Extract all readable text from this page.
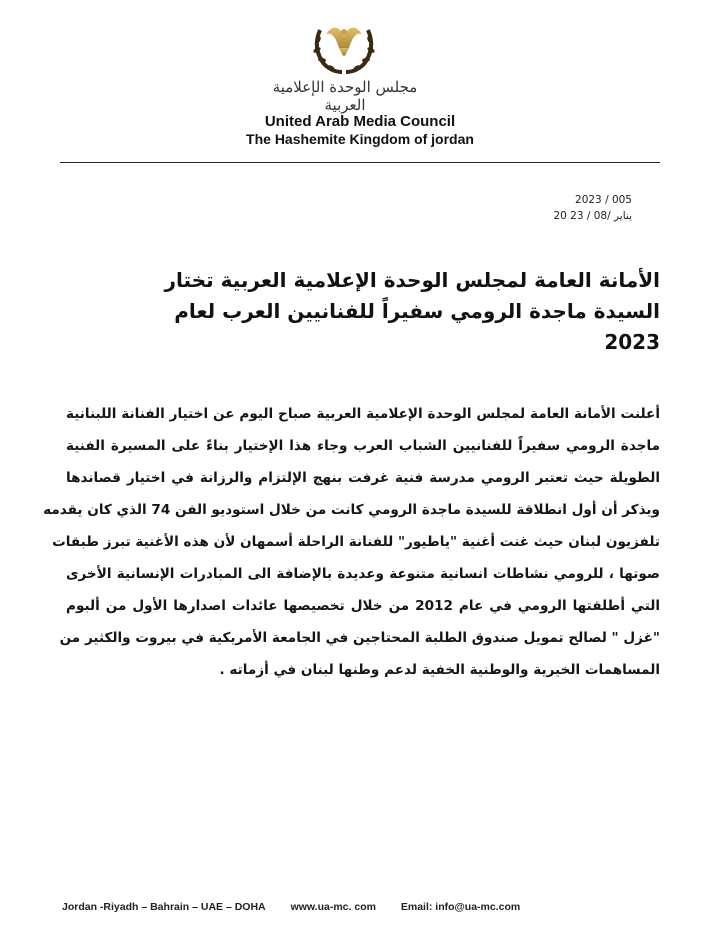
مجلس الوحدة الإعلامية العربية
United Arab Media Council
The Hashemite Kingdom of jordan
2023 / 005
20 23 / يناير /08
الأمانة العامة لمجلس الوحدة الإعلامية العربية تختار
السيدة ماجدة الرومي سفيراً للفنانيين العرب لعام 2023
أعلنت الأمانة العامة لمجلس الوحدة الإعلامية العربية صباح اليوم عن اختيار الفنانة اللبنانية
ماجدة الرومي سفيراً للفنانيين الشباب العرب وجاء هذا الإختيار بناءً على المسيرة الفنية
الطويلة حيث تعتبر الرومي مدرسة فنية غرفت بنهج الإلتزام والرزانة في اختيار قصاندها
ويذكر أن أول انطلاقة للسيدة ماجدة الرومي كانت من خلال استوديو الفن 74 الذي كان يقدمه
تلفزيون لبنان حيث غنت أغنية "ياطيور" للفنانة الراحلة أسمهان لأن هذه الأغنية تبرز طبقات
صوتها ، للرومي نشاطات انسانية متنوعة وعديدة بالإضافة الى المبادرات الإنسانية الأخرى
التي أطلقتها الرومي في عام 2012 من خلال تخصيصها عائدات اصدارها الأول من ألبوم
"غزل " لصالح تمويل صندوق الطلبة المحتاجين في الجامعة الأمريكية في بيروت والكثير من
المساهمات الخيرية والوطنية الخفية لدعم وطنها لبنان في أزماته .
Jordan -Riyadh – Bahrain – UAE – DOHA www.ua-mc. com Email: info@ua-mc.com
